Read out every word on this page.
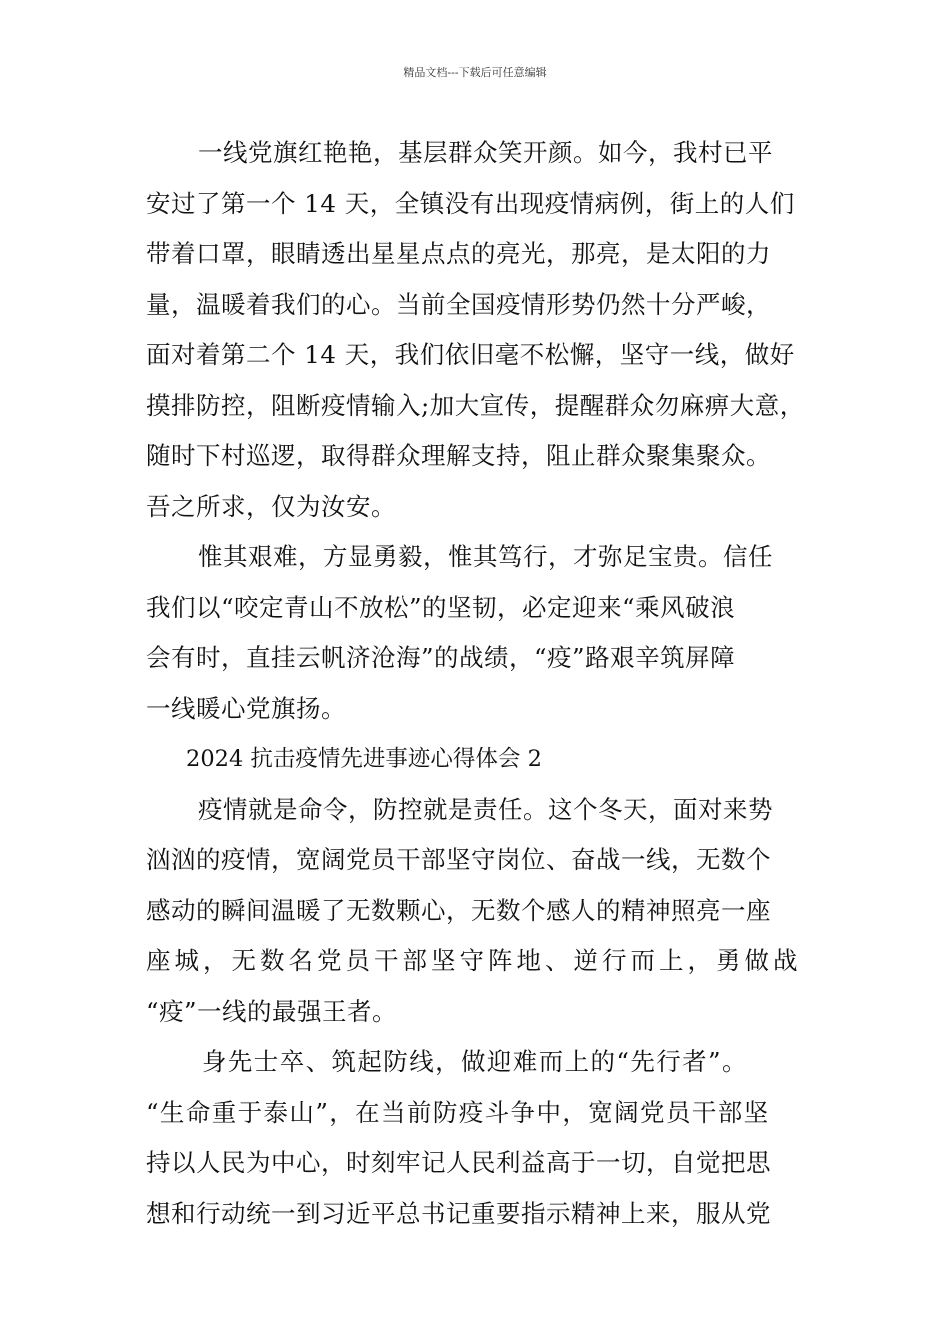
精品文档---下载后可任意编辑
一线党旗红艳艳，基层群众笑开颜。如今，我村已平
安过了第一个 14 天，全镇没有出现疫情病例，街上的人们
带着口罩，眼睛透出星星点点的亮光，那亮，是太阳的力
量，温暖着我们的心。当前全国疫情形势仍然十分严峻，
面对着第二个 14 天，我们依旧毫不松懈，坚守一线，做好
摸排防控，阻断疫情输入;加大宣传，提醒群众勿麻痹大意，
随时下村巡逻，取得群众理解支持，阻止群众聚集聚众。
吾之所求，仅为汝安。
惟其艰难，方显勇毅，惟其笃行，才弥足宝贵。信任
我们以“咬定青山不放松”的坚韧，必定迎来“乘风破浪
会有时，直挂云帆济沧海”的战绩，“疫”路艰辛筑屏障
一线暖心党旗扬。
2024 抗击疫情先进事迹心得体会 2
疫情就是命令，防控就是责任。这个冬天，面对来势
汹汹的疫情，宽阔党员干部坚守岗位、奋战一线，无数个
感动的瞬间温暖了无数颗心，无数个感人的精神照亮一座
座城，无数名党员干部坚守阵地、逆行而上，勇做战
“疫”一线的最强王者。
身先士卒、筑起防线，做迎难而上的“先行者”。
“生命重于泰山”，在当前防疫斗争中，宽阔党员干部坚
持以人民为中心，时刻牢记人民利益高于一切，自觉把思
想和行动统一到习近平总书记重要指示精神上来，服从党
